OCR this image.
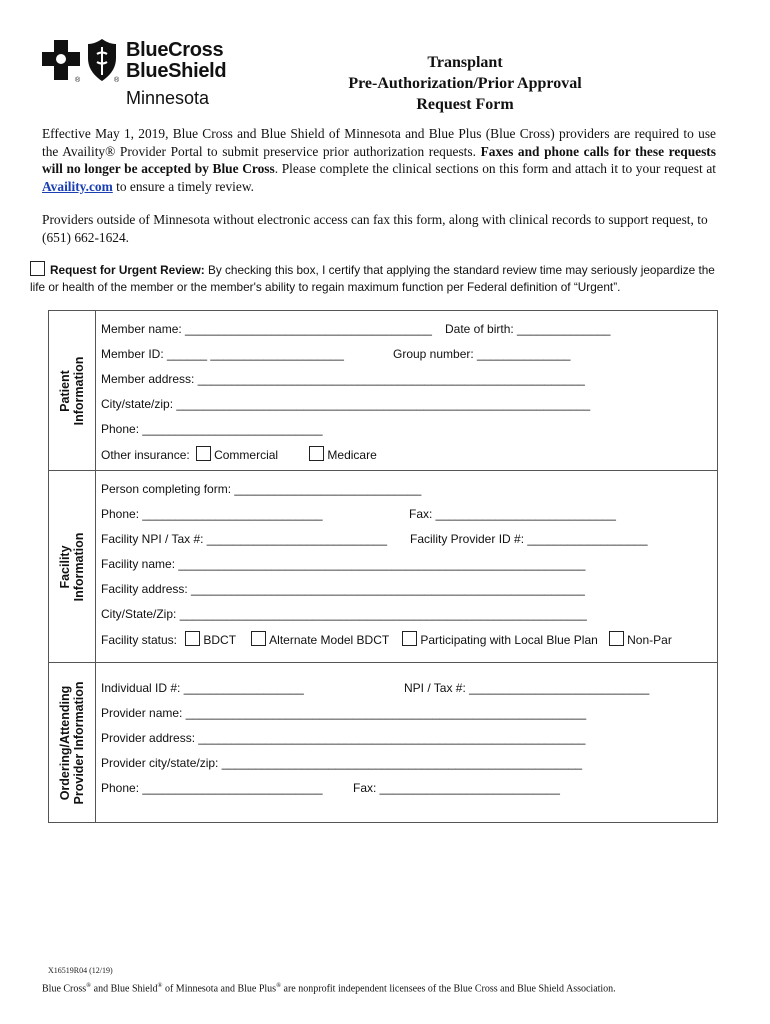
®	®
BlueCross
BlueShield
Minnesota
Transplant
Pre-Authorization/Prior Approval
Request Form
Effective May 1, 2019, Blue Cross and Blue Shield of Minnesota and Blue Plus (Blue Cross) providers are required to use the Availity® Provider Portal to submit preservice prior authorization requests. Faxes and phone calls for these requests will no longer be accepted by Blue Cross. Please complete the clinical sections on this form and attach it to your request at Availity.com to ensure a timely review.
Providers outside of Minnesota without electronic access can fax this form, along with clinical records to support request, to (651) 662-1624.
Request for Urgent Review: By checking this box, I certify that applying the standard review time may seriously jeopardize the life or health of the member or the member's ability to regain maximum function per Federal definition of “Urgent”.
Patient Information
Member name: _____________________________________ Date of birth: ______________
Member ID: ______ ____________________	Group number: ______________
Member address: __________________________________________________________
City/state/zip: ______________________________________________________________
Phone: ___________________________
Other insurance: Commercial	Medicare
Facility Information
Person completing form: ____________________________
Phone: ___________________________	Fax: ___________________________
Facility NPI / Tax #: ___________________________ Facility Provider ID #: __________________
Facility name: _____________________________________________________________
Facility address: ___________________________________________________________
City/State/Zip: _____________________________________________________________
Facility status: BDCT	Alternate Model BDCT	Participating with Local Blue Plan Non-Par
Ordering/Attending Provider Information Individual ID #: __________________	NPI / Tax #: ___________________________
Provider name: ____________________________________________________________
Provider address: __________________________________________________________
Provider city/state/zip: ______________________________________________________
Phone: ___________________________	Fax: ___________________________
X16519R04 (12/19)
Blue Cross® and Blue Shield® of Minnesota and Blue Plus® are nonprofit independent licensees of the Blue Cross and Blue Shield Association.
